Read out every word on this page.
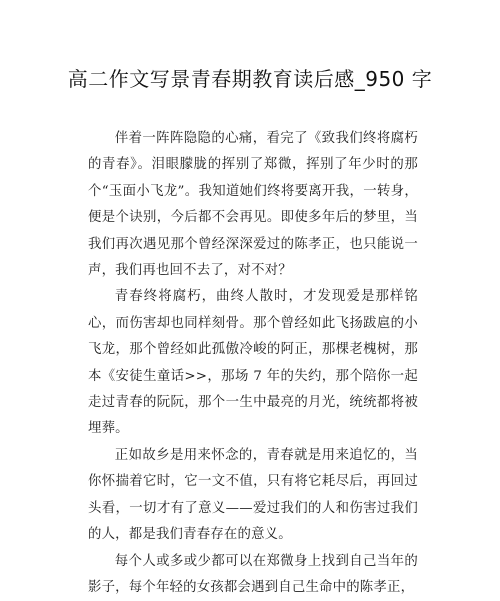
高二作文写景青春期教育读后感_950 字

伴着一阵阵隐隐的心痛，看完了《致我们终将腐朽的青春》。泪眼朦胧的挥别了郑微，挥别了年少时的那个“玉面小飞龙”。我知道她们终将要离开我，一转身，便是个诀别，今后都不会再见。即使多年后的梦里，当我们再次遇见那个曾经深深爱过的陈孝正，也只能说一声，我们再也回不去了，对不对？

青春终将腐朽，曲终人散时，才发现爱是那样铭心，而伤害却也同样刻骨。那个曾经如此飞扬跋扈的小飞龙，那个曾经如此孤傲冷峻的阿正，那棵老槐树，那本《安徒生童话>>，那场 7 年的失约，那个陪你一起走过青春的阮阮，那个一生中最亮的月光，统统都将被埋葬。

正如故乡是用来怀念的，青春就是用来追忆的，当你怀揣着它时，它一文不值，只有将它耗尽后，再回过头看，一切才有了意义——爱过我们的人和伤害过我们的人，都是我们青春存在的意义。

每个人或多或少都可以在郑微身上找到自己当年的影子，每个年轻的女孩都会遇到自己生命中的陈孝正，
